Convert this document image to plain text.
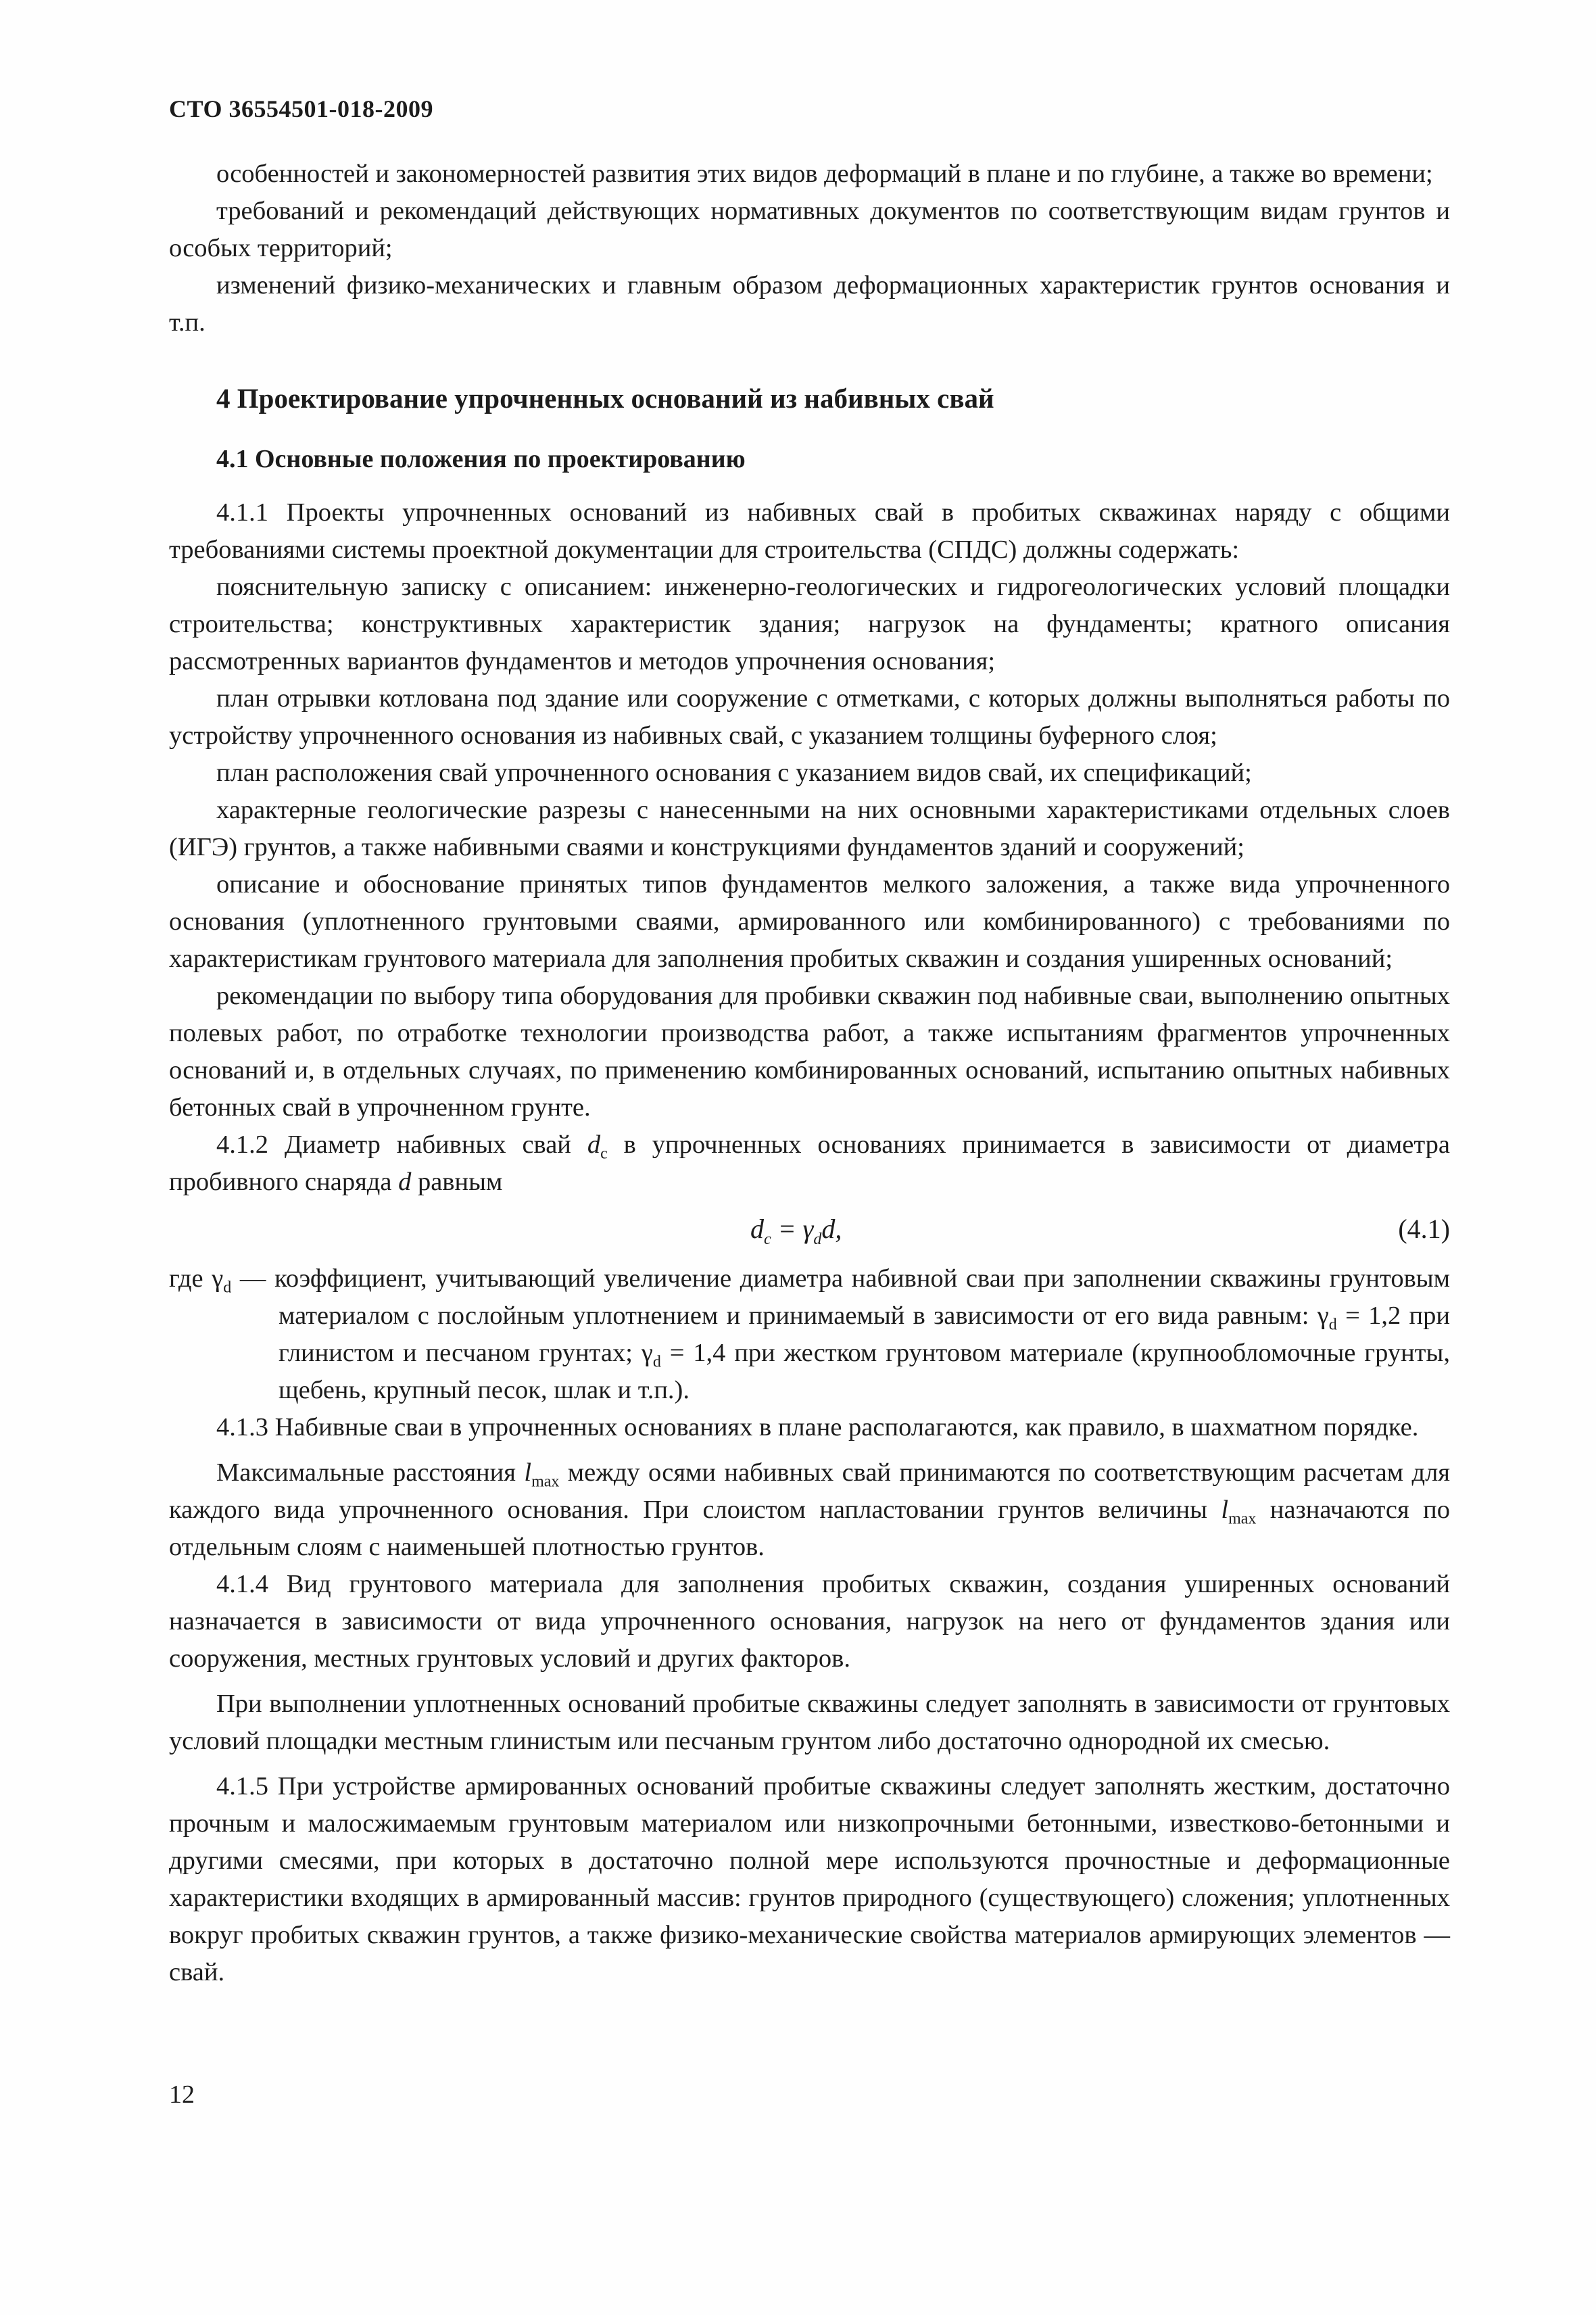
СТО 36554501-018-2009

особенностей и закономерностей развития этих видов деформаций в плане и по глубине, а также во времени;

требований и рекомендаций действующих нормативных документов по соответствующим видам грунтов и особых территорий;

изменений физико-механических и главным образом деформационных характеристик грунтов основания и т.п.

4 Проектирование упрочненных оснований из набивных свай
4.1 Основные положения по проектированию

4.1.1 Проекты упрочненных оснований из набивных свай в пробитых скважинах наряду с общими требованиями системы проектной документации для строительства (СПДС) должны содержать:

пояснительную записку с описанием: инженерно-геологических и гидрогеологических условий площадки строительства; конструктивных характеристик здания; нагрузок на фундаменты; кратного описания рассмотренных вариантов фундаментов и методов упрочнения основания;

план отрывки котлована под здание или сооружение с отметками, с которых должны выполняться работы по устройству упрочненного основания из набивных свай, с указанием толщины буферного слоя;

план расположения свай упрочненного основания с указанием видов свай, их спецификаций;

характерные геологические разрезы с нанесенными на них основными характеристиками отдельных слоев (ИГЭ) грунтов, а также набивными сваями и конструкциями фундаментов зданий и сооружений;

описание и обоснование принятых типов фундаментов мелкого заложения, а также вида упрочненного основания (уплотненного грунтовыми сваями, армированного или комбинированного) с требованиями по характеристикам грунтового материала для заполнения пробитых скважин и создания уширенных оснований;

рекомендации по выбору типа оборудования для пробивки скважин под набивные сваи, выполнению опытных полевых работ, по отработке технологии производства работ, а также испытаниям фрагментов упрочненных оснований и, в отдельных случаях, по применению комбинированных оснований, испытанию опытных набивных бетонных свай в упрочненном грунте.

4.1.2 Диаметр набивных свай $d_c$ в упрочненных основаниях принимается в зависимости от диаметра пробивного снаряда d равным

$d_c = \gamma_dd$,	(4.1)

где $\gamma_d$ — коэффициент, учитывающий увеличение диаметра набивной сваи при заполнении скважины грунтовым материалом с послойным уплотнением и принимаемый в зависимости от его вида равным: $\gamma_d = 1,2$ при глинистом и песчаном грунтах; $\gamma_d = 1,4$ при жестком грунтовом материале (крупнообломочные грунты, щебень, крупный песок, шлак и т.п.).

4.1.3 Набивные сваи в упрочненных основаниях в плане располагаются, как правило, в шахматном порядке.

Максимальные расстояния $l_{max}$ между осями набивных свай принимаются по соответствующим расчетам для каждого вида упрочненного основания. При слоистом напластовании грунтов величины $l_{max}$ назначаются по отдельным слоям с наименьшей плотностью грунтов.

4.1.4 Вид грунтового материала для заполнения пробитых скважин, создания уширенных оснований назначается в зависимости от вида упрочненного основания, нагрузок на него от фундаментов здания или сооружения, местных грунтовых условий и других факторов.

При выполнении уплотненных оснований пробитые скважины следует заполнять в зависимости от грунтовых условий площадки местным глинистым или песчаным грунтом либо достаточно однородной их смесью.

4.1.5 При устройстве армированных оснований пробитые скважины следует заполнять жестким, достаточно прочным и малосжимаемым грунтовым материалом или низкопрочными бетонными, известково-бетонными и другими смесями, при которых в достаточно полной мере используются прочностные и деформационные характеристики входящих в армированный массив: грунтов природного (существующего) сложения; уплотненных вокруг пробитых скважин грунтов, а также физико-механические свойства материалов армирующих элементов — свай.

12
